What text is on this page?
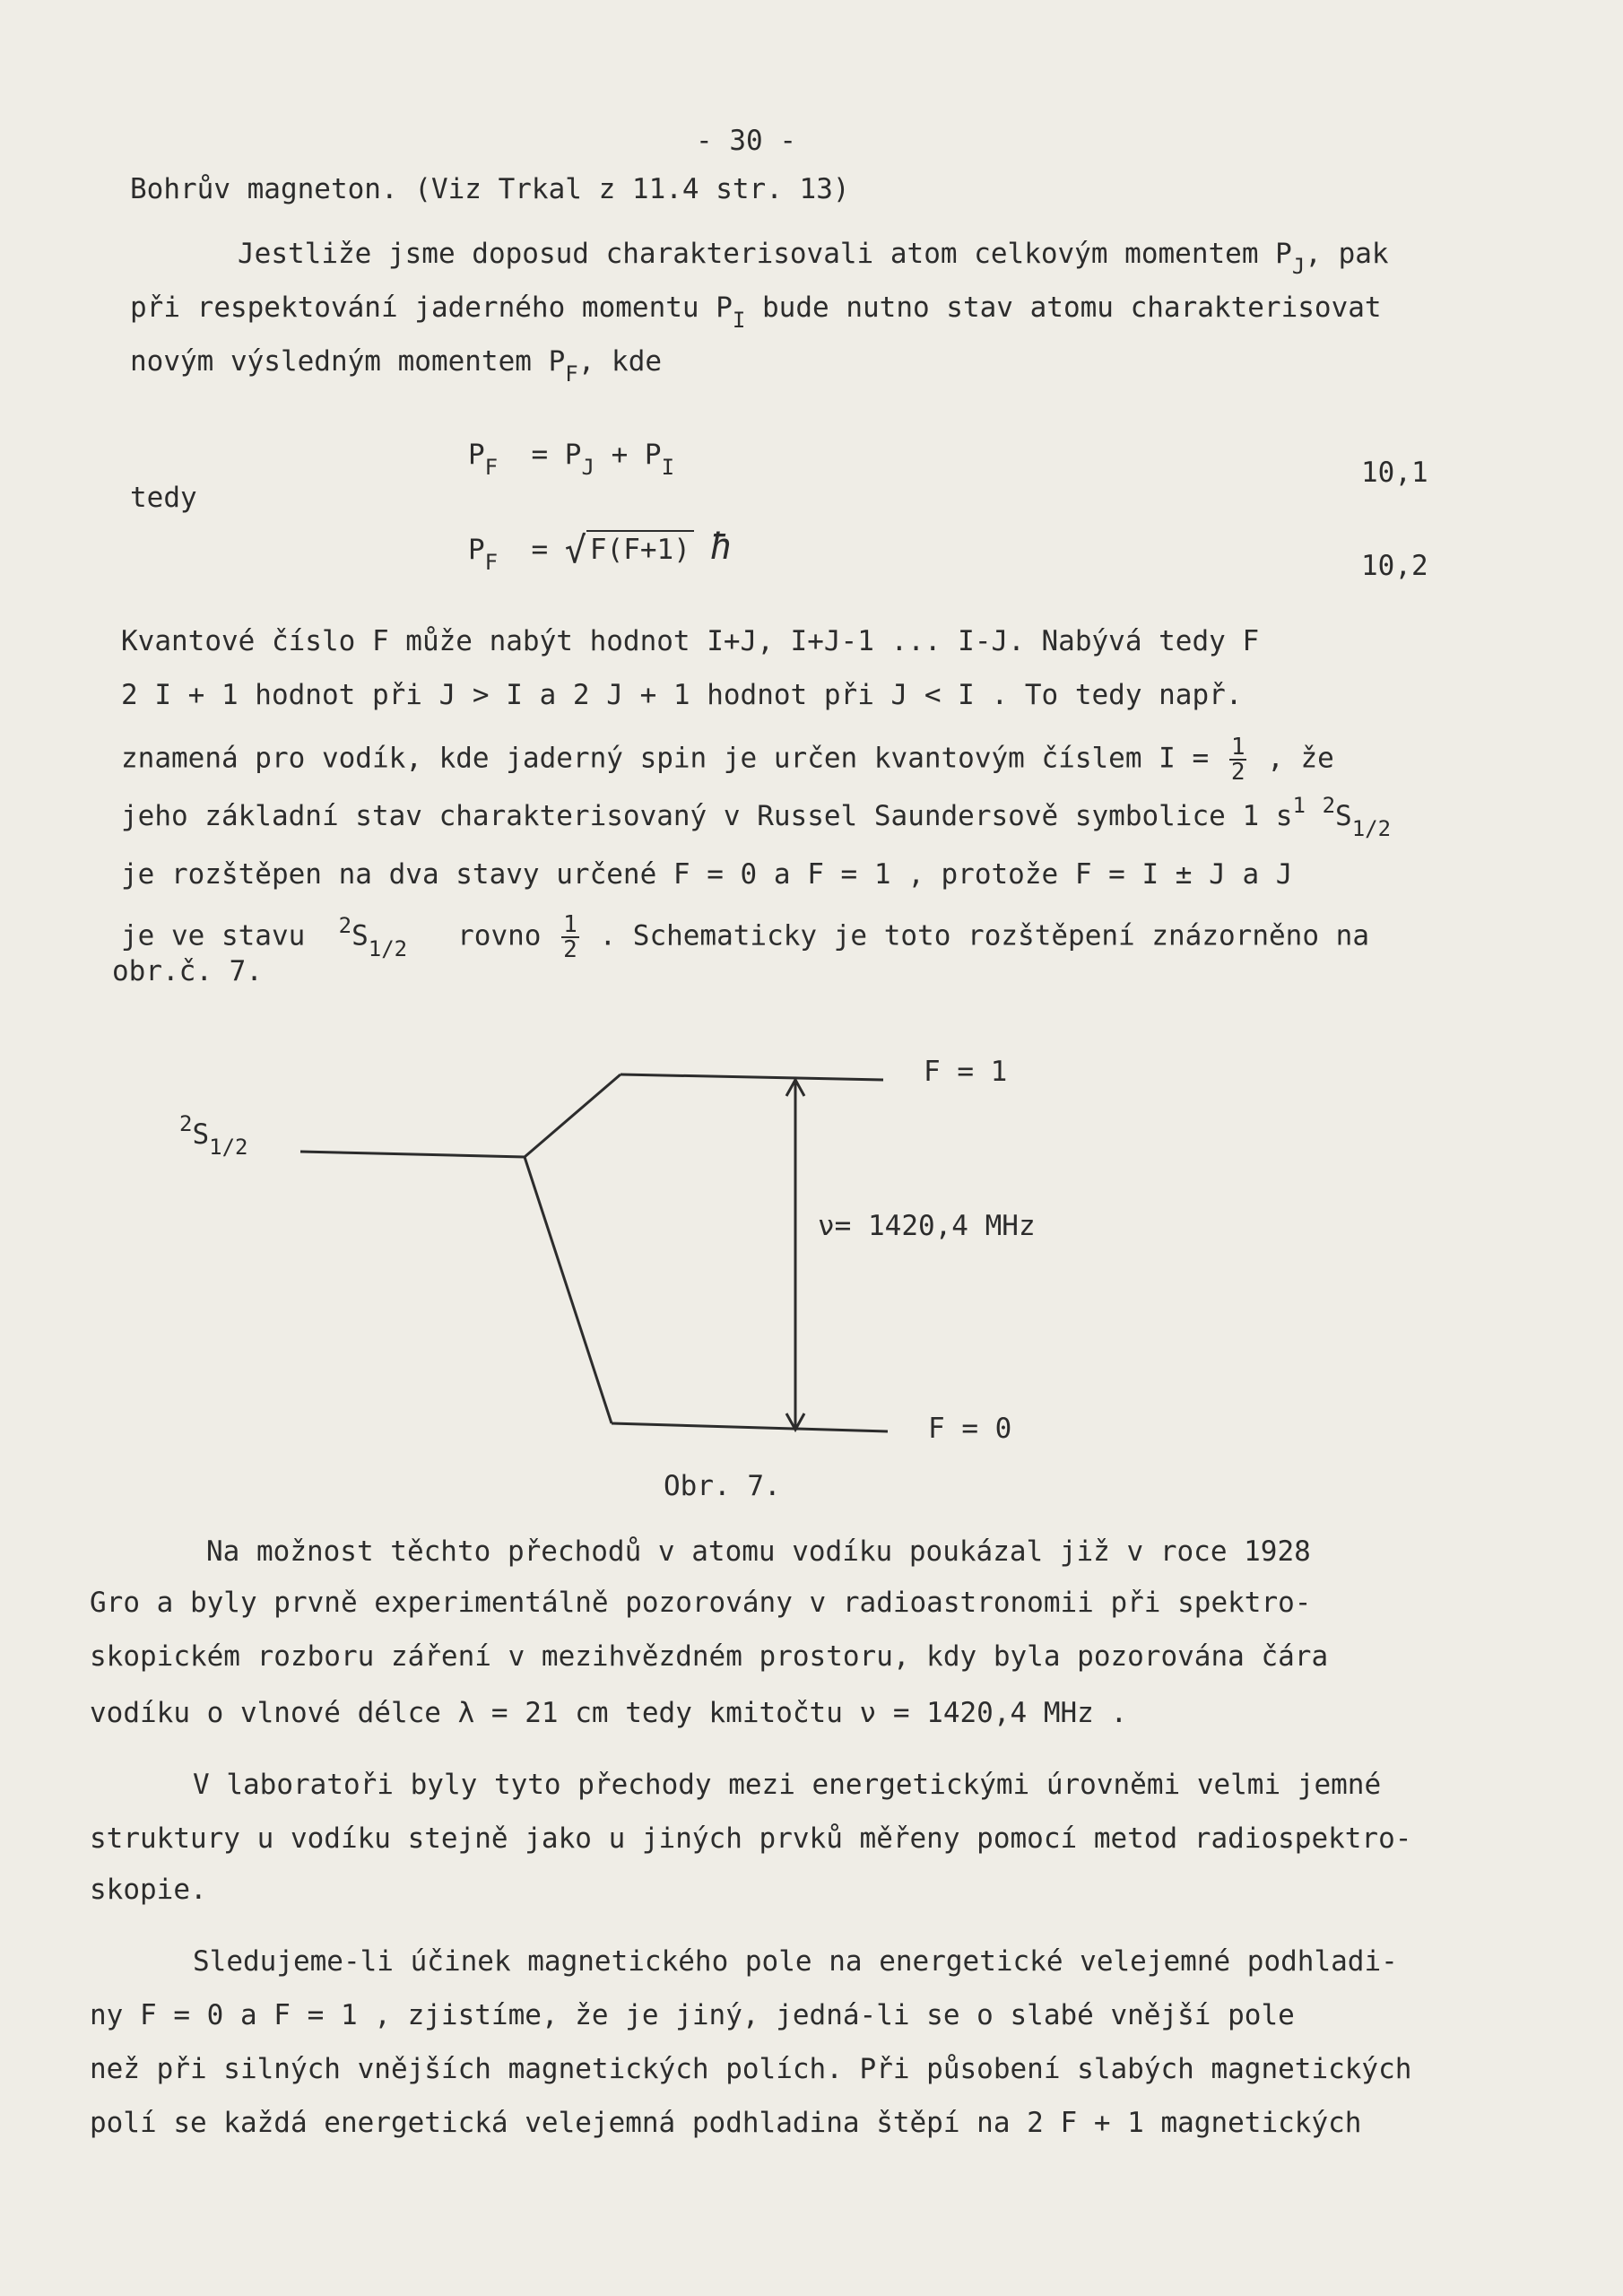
- 30 -
Bohrův magneton. (Viz Trkal z 11.4 str. 13)
Jestliže jsme doposud charakterisovali atom celkovým momentem $P_J$, pak
při respektování jaderného momentu $P_I$ bude nutno stav atomu charakterisovat
novým výsledným momentem $P_F$, kde
$P_F = P_J + P_I$	10,1
tedy
$P_F$ = √ F(F+1) ħ	10,2
Kvantové číslo F může nabýt hodnot I+J, I+J-1 ... I-J. Nabývá tedy F
2 I + 1 hodnot při J > I a 2 J + 1 hodnot při J < I . To tedy např.
znamená pro vodík, kde jaderný spin je určen kvantovým číslem $I = \frac{1}{2}$ , že
jeho základní stav charakterisovaný v Russel Saundersově symbolice 1 $s^1$ $^2S_{1/2}$
je rozštěpen na dva stavy určené F = 0 a F = 1 , protože F = I ± J a J
je ve stavu $^2S_{1/2}$ rovno $\frac{1}{2}$ . Schematicky je toto rozštěpení znázorněno na
obr.č. 7.
$^2S_{1/2}$
F = 1
F = 0
ν= 1420,4 MHz
Obr. 7.
Na možnost těchto přechodů v atomu vodíku poukázal již v roce 1928
Gro a byly prvně experimentálně pozorovány v radioastronomii při spektro-
skopickém rozboru záření v mezihvězdném prostoru, kdy byla pozorována čára
vodíku o vlnové délce λ = 21 cm tedy kmitočtu ν = 1420,4 MHz .
V laboratoři byly tyto přechody mezi energetickými úrovněmi velmi jemné
struktury u vodíku stejně jako u jiných prvků měřeny pomocí metod radiospektro-
skopie.
Sledujeme-li účinek magnetického pole na energetické velejemné podhladi-
ny F = 0 a F = 1 , zjistíme, že je jiný, jedná-li se o slabé vnější pole
než při silných vnějších magnetických polích. Při působení slabých magnetických
polí se každá energetická velejemná podhladina štěpí na 2 F + 1 magnetických
